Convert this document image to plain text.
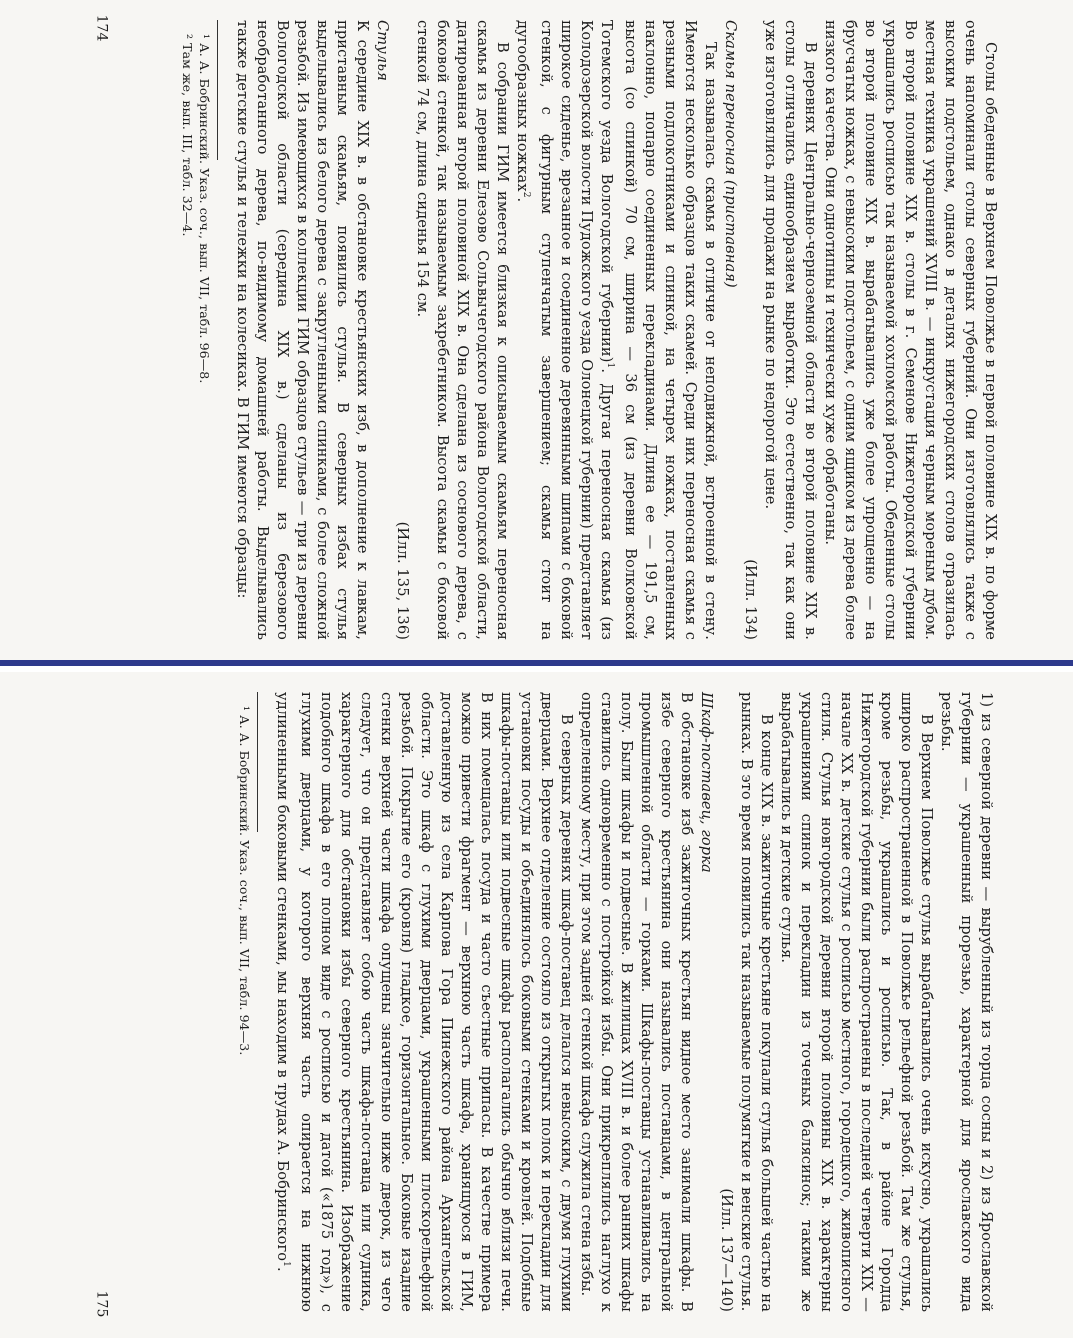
Столы обеденные в Верхнем Поволжье в первой половине XIX в. по форме очень напоминали столы северных губерний. Они изготовлялись также с высоким подстольем, однако в деталях нижегородских столов отразилась местная техника украшений XVIII в. — инкрустация черным мореным дубом. Во второй половине XIX в. столы в г. Семенове Нижегородской губернии украшались росписью так называемой хохломской работы. Обеденные столы во второй половине XIX в. вырабатывались уже более упрощенно — на брусчатых ножках, с невысоким подстольем, с одним ящиком из дерева более низкого качества. Они однотипны и технически хуже обработаны.

В деревнях Центрально-черноземной области во второй половине XIX в. столы отличались единообразием выработки. Это естественно, так как они уже изготовлялись для продажи на рынке по недорогой цене.
(Илл. 134)

Скамья переносная (приставная)

Так называлась скамья в отличие от неподвижной, встроенной в стену. Имеются несколько образцов таких скамей. Среди них переносная скамья с резными подлокотниками и спинкой, на четырех ножках, поставленных наклонно, попарно соединенных перекладинами. Длина ее — 191,5 см, высота (со спинкой) 70 см, ширина — 36 см (из деревни Волковской Тотемского уезда Вологодской губернии)$^1$. Другая переносная скамья (из Колодозерской волости Пудожского уезда Олонецкой губернии) представляет широкое сиденье, врезанное и соединенное деревянными шипами с боковой стенкой, с фигурным ступенчатым завершением; скамья стоит на дугообразных ножках$^2$.

В собрании ГИМ имеется близкая к описываемым скамьям переносная скамья из деревни Елезово Сольвычегодского района Вологодской области, датированная второй половиной XIX в. Она сделана из соснового дерева, с боковой стенкой, так называемым захребетником. Высота скамьи с боковой стенкой 74 см, длина сиденья 154 см.
(Илл. 135, 136)

Стулья

К середине XIX в. в обстановке крестьянских изб, в дополнение к лавкам, приставным скамьям, появились стулья. В северных избах стулья выделывались из белого дерева с закругленными спинками, с более сложной резьбой. Из имеющихся в коллекции ГИМ образцов стульев — три из деревни Вологодской области (середина XIX в.) сделаны из березового необработанного дерева, по-видимому домашней работы. Выделывались также детские стулья и тележки на колесиках. В ГИМ имеются образцы:

¹ А. А. Бобринский. Указ. соч., вып. VII, табл. 96—8.

² Там же, вып. III, табл. 32—4.

174

1) из северной деревни — вырубленный из торца сосны и 2) из Ярославской губернии — украшенный прорезью, характерной для ярославского вида резьбы.

В Верхнем Поволжье стулья вырабатывались очень искусно, украшались широко распространенной в Поволжье рельефной резьбой. Там же стулья, кроме резьбы, украшались и росписью. Так, в районе Городца Нижегородской губернии были распространены в последней четверти XIX — начале XX в. детские стулья с росписью местного, городецкого, живописного стиля. Стулья новгородской деревни второй половины XIX в. характерны украшениями спинок и перекладин из точеных балясинок; такими же вырабатывались и детские стулья.

В конце XIX в. зажиточные крестьяне покупали стулья большей частью на рынках. В это время появились так называемые полумягкие и венские стулья.
(Илл. 137—140)

Шкаф-поставец, горка

В обстановке изб зажиточных крестьян видное место занимали шкафы. В избе северного крестьянина они назывались поставцами, в центральной промышленной области — горками. Шкафы-поставцы устанавливались на полу. Были шкафы и подвесные. В жилищах XVIII в. и более ранних шкафы ставились одновременно с постройкой избы. Они прикреплялись наглухо к определенному месту, при этом задней стенкой шкафа служила стена избы.

В северных деревнях шкаф-поставец делался невысоким, с двумя глухими дверцами. Верхнее отделение состояло из открытых полок и перекладин для установки посуды и объединялось боковыми стенками и кровлей. Подобные шкафы-поставцы или подвесные шкафы располагались обычно вблизи печи. В них помещалась посуда и часто съестные припасы. В качестве примера можно привести фрагмент — верхнюю часть шкафа, хранящуюся в ГИМ, доставленную из села Карпова Гора Пинежского района Архангельской области. Это шкаф с глухими дверцами, украшенными плоскорельефной резьбой. Покрытие его (кровля) гладкое, горизонтальное. Боковые изадние стенки верхней части шкафа опущены значительно ниже дверок, из чего следует, что он представляет собою часть шкафа-поставца или судника, характерного для обстановки избы северного крестьянина. Изображение подобного шкафа в его полном виде с росписью и датой («1875 год»), с глухими дверцами, у которого верхняя часть опирается на нижнюю удлиненными боковыми стенками, мы находим в трудах А. Бобринского$^1$.

¹ А. А. Бобринский. Указ. соч., вып. VII, табл. 94—3.

175
